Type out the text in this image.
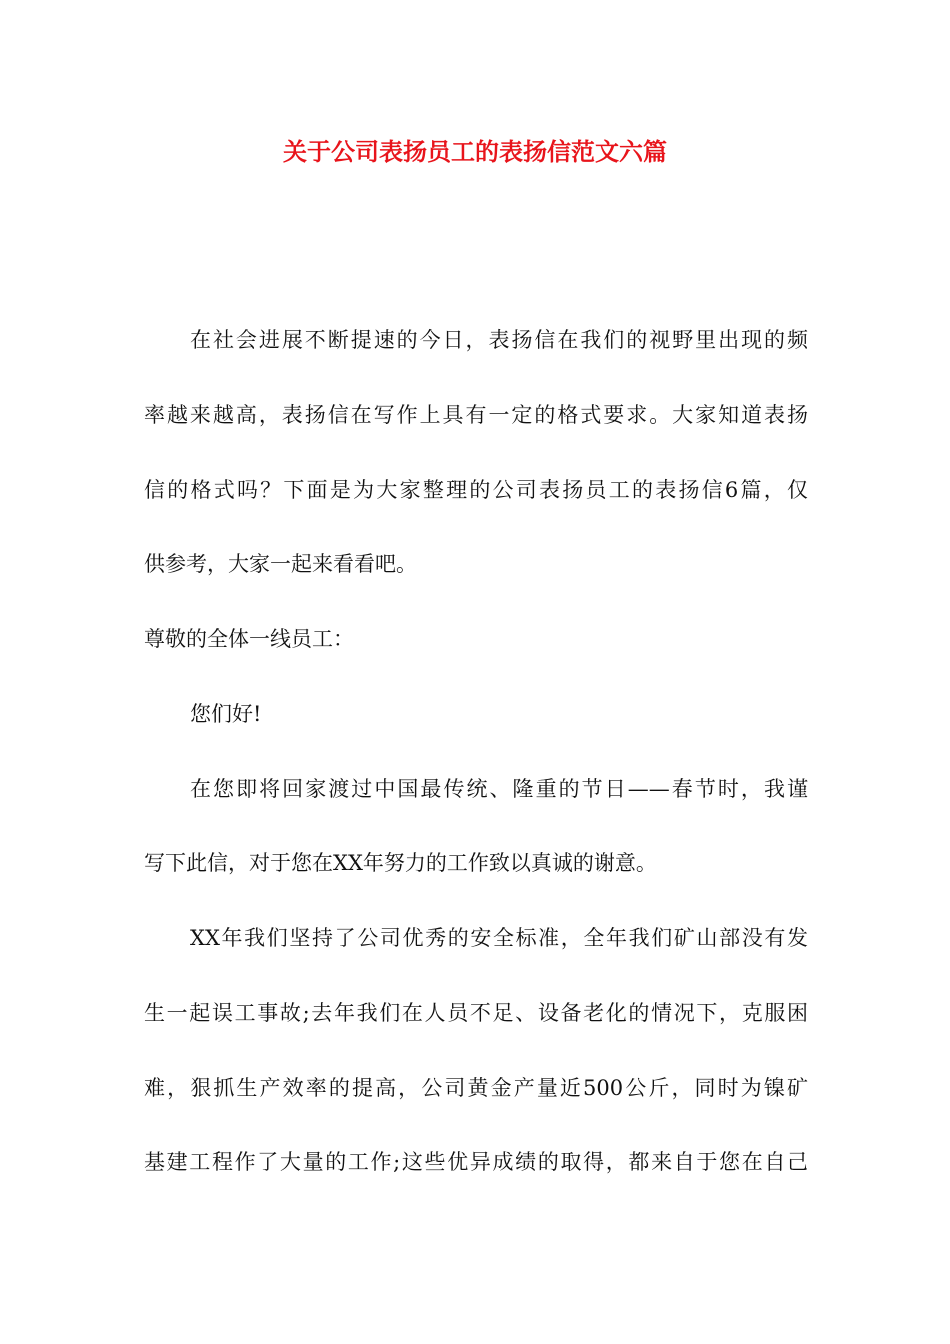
关于公司表扬员工的表扬信范文六篇
在社会进展不断提速的今日，表扬信在我们的视野里出现的频
率越来越高，表扬信在写作上具有一定的格式要求。大家知道表扬
信的格式吗？下面是为大家整理的公司表扬员工的表扬信6篇，仅
供参考，大家一起来看看吧。
尊敬的全体一线员工：
您们好!
在您即将回家渡过中国最传统、隆重的节日——春节时，我谨
写下此信，对于您在XX年努力的工作致以真诚的谢意。
XX年我们坚持了公司优秀的安全标准，全年我们矿山部没有发
生一起误工事故;去年我们在人员不足、设备老化的情况下，克服困
难，狠抓生产效率的提高，公司黄金产量近500公斤，同时为镍矿
基建工程作了大量的工作;这些优异成绩的取得，都来自于您在自己
